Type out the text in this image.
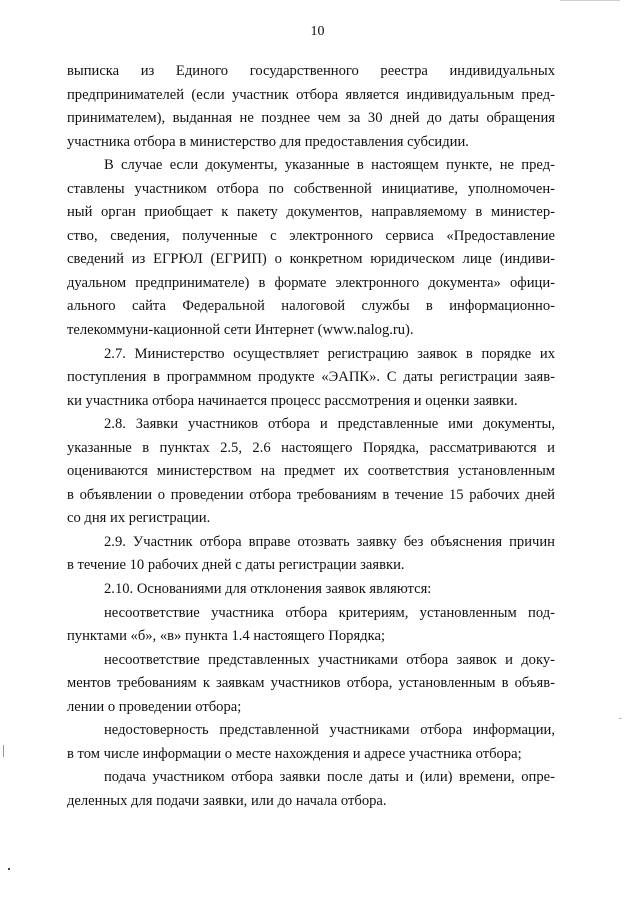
10
выписка из Единого государственного реестра индивидуальных
предпринимателей (если участник отбора является индивидуальным пред-
принимателем), выданная не позднее чем за 30 дней до даты обращения
участника отбора в министерство для предоставления субсидии.
В случае если документы, указанные в настоящем пункте, не пред-
ставлены участником отбора по собственной инициативе, уполномочен-
ный орган приобщает к пакету документов, направляемому в министер-
ство, сведения, полученные с электронного сервиса «Предоставление
сведений из ЕГРЮЛ (ЕГРИП) о конкретном юридическом лице (индиви-
дуальном предпринимателе) в формате электронного документа» офици-
ального сайта Федеральной налоговой службы в информационно-
телекоммуни-кационной сети Интернет (www.nalog.ru).
2.7. Министерство осуществляет регистрацию заявок в порядке их
поступления в программном продукте «ЭАПК». С даты регистрации заяв-
ки участника отбора начинается процесс рассмотрения и оценки заявки.
2.8. Заявки участников отбора и представленные ими документы,
указанные в пунктах 2.5, 2.6 настоящего Порядка, рассматриваются и
оцениваются министерством на предмет их соответствия установленным
в объявлении о проведении отбора требованиям в течение 15 рабочих дней
со дня их регистрации.
2.9. Участник отбора вправе отозвать заявку без объяснения причин
в течение 10 рабочих дней с даты регистрации заявки.
2.10. Основаниями для отклонения заявок являются:
несоответствие участника отбора критериям, установленным под-
пунктами «б», «в» пункта 1.4 настоящего Порядка;
несоответствие представленных участниками отбора заявок и доку-
ментов требованиям к заявкам участников отбора, установленным в объяв-
лении о проведении отбора;
недостоверность представленной участниками отбора информации,
в том числе информации о месте нахождения и адресе участника отбора;
подача участником отбора заявки после даты и (или) времени, опре-
деленных для подачи заявки, или до начала отбора.
